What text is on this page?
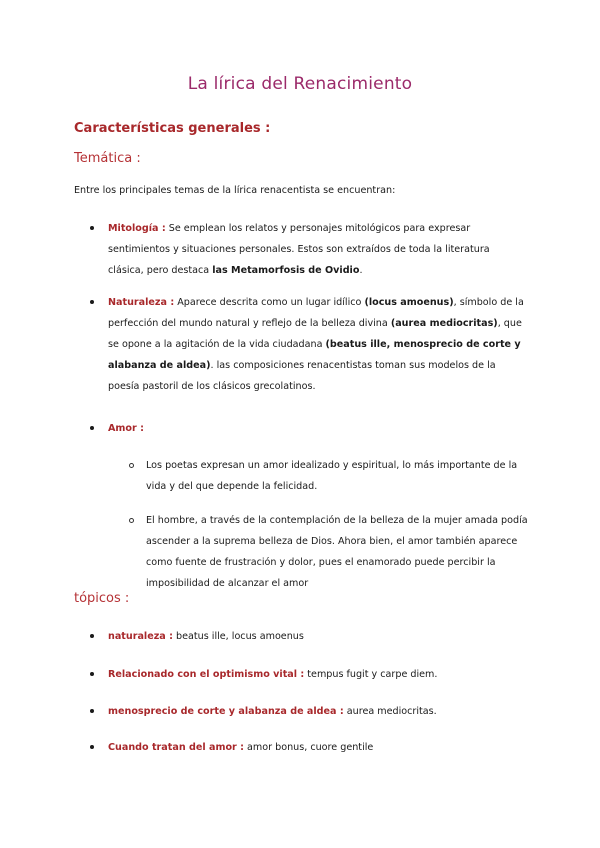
La lírica del Renacimiento
Características generales :
Temática :
Entre los principales temas de la lírica renacentista se encuentran:
Mitología : Se emplean los relatos y personajes mitológicos para expresar sentimientos y situaciones personales. Estos son extraídos de toda la literatura clásica, pero destaca las Metamorfosis de Ovidio.
Naturaleza : Aparece descrita como un lugar idílico (locus amoenus), símbolo de la perfección del mundo natural y reflejo de la belleza divina (aurea mediocritas), que se opone a la agitación de la vida ciudadana (beatus ille, menosprecio de corte y alabanza de aldea). las composiciones renacentistas toman sus modelos de la poesía pastoril de los clásicos grecolatinos.
Amor :
Los poetas expresan un amor idealizado y espiritual, lo más importante de la vida y del que depende la felicidad.
El hombre, a través de la contemplación de la belleza de la mujer amada podía ascender a la suprema belleza de Dios. Ahora bien, el amor también aparece como fuente de frustración y dolor, pues el enamorado puede percibir la imposibilidad de alcanzar el amor
tópicos :
naturaleza : beatus ille, locus amoenus
Relacionado con el optimismo vital : tempus fugit y carpe diem.
menosprecio de corte y alabanza de aldea : aurea mediocritas.
Cuando tratan del amor : amor bonus, cuore gentile
